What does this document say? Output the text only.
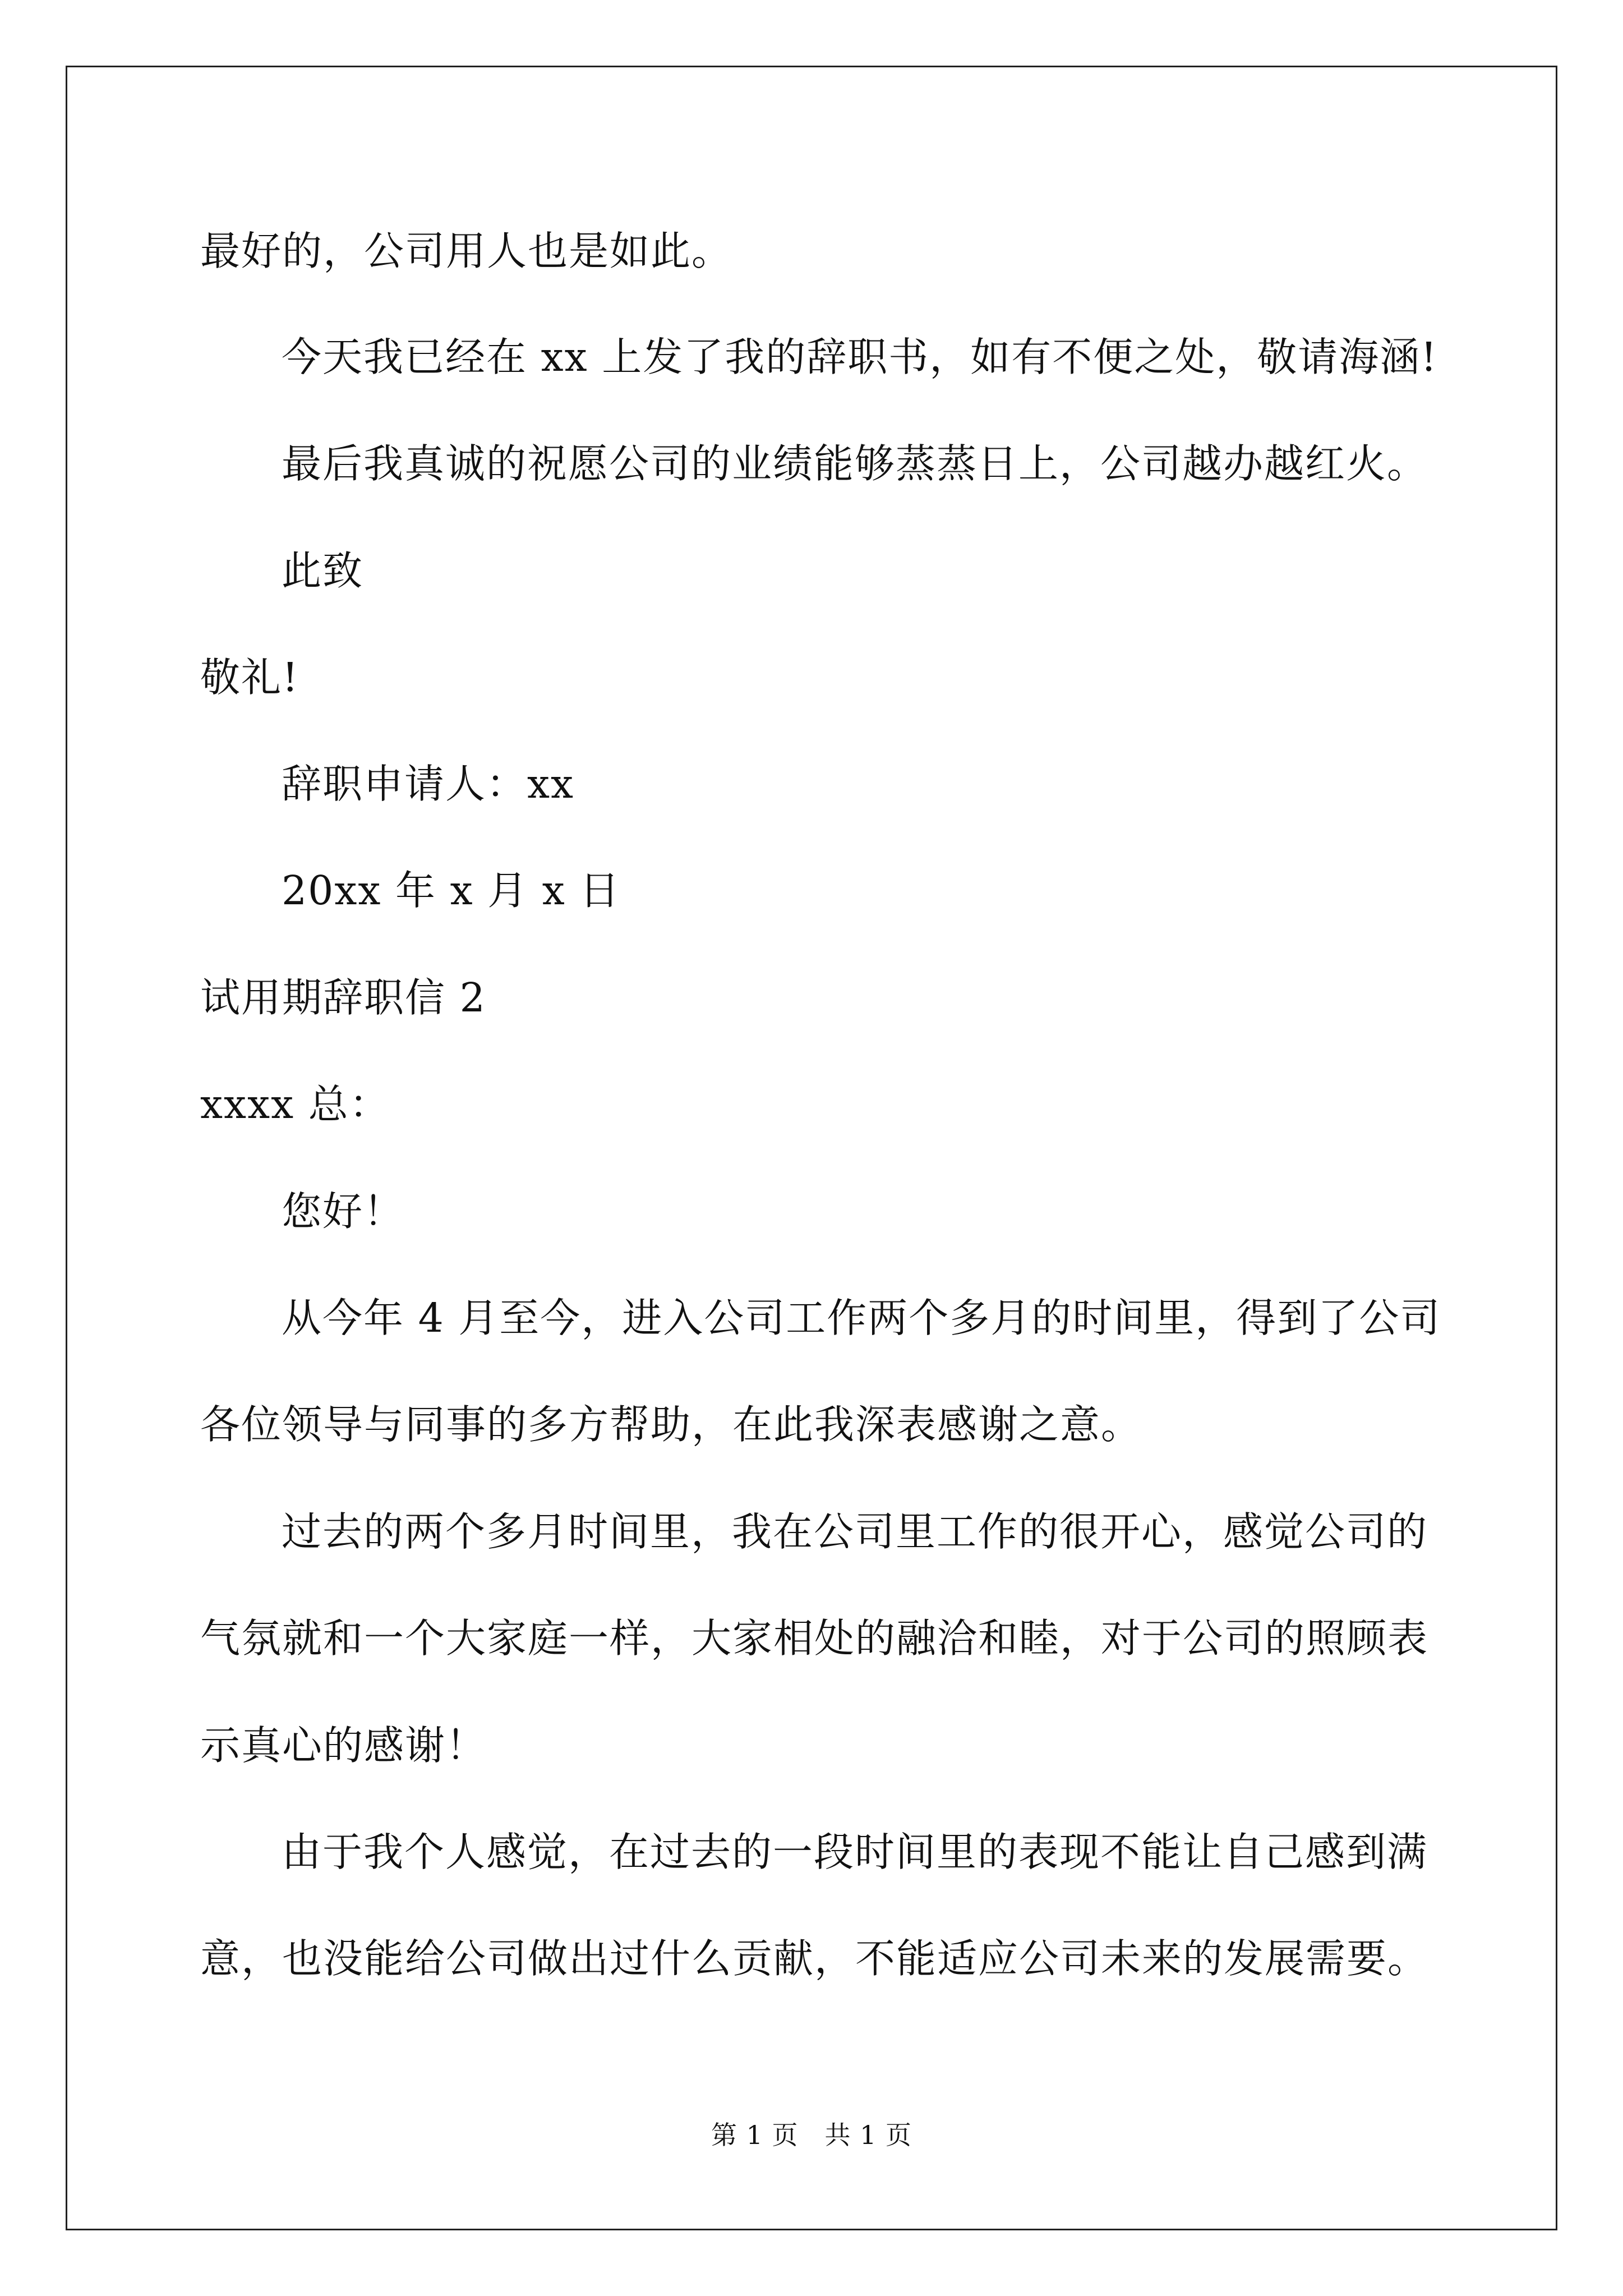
最好的，公司用人也是如此。
今天我已经在 xx 上发了我的辞职书，如有不便之处，敬请海涵!
最后我真诚的祝愿公司的业绩能够蒸蒸日上，公司越办越红火。
此致
敬礼!
辞职申请人：xx
20xx 年 x 月 x 日
试用期辞职信 2
xxxx 总：
您好！
从今年 4 月至今，进入公司工作两个多月的时间里，得到了公司
各位领导与同事的多方帮助，在此我深表感谢之意。
过去的两个多月时间里，我在公司里工作的很开心，感觉公司的
气氛就和一个大家庭一样，大家相处的融洽和睦，对于公司的照顾表
示真心的感谢！
由于我个人感觉，在过去的一段时间里的表现不能让自己感到满
意，也没能给公司做出过什么贡献，不能适应公司未来的发展需要。
第 1 页　共 1 页
